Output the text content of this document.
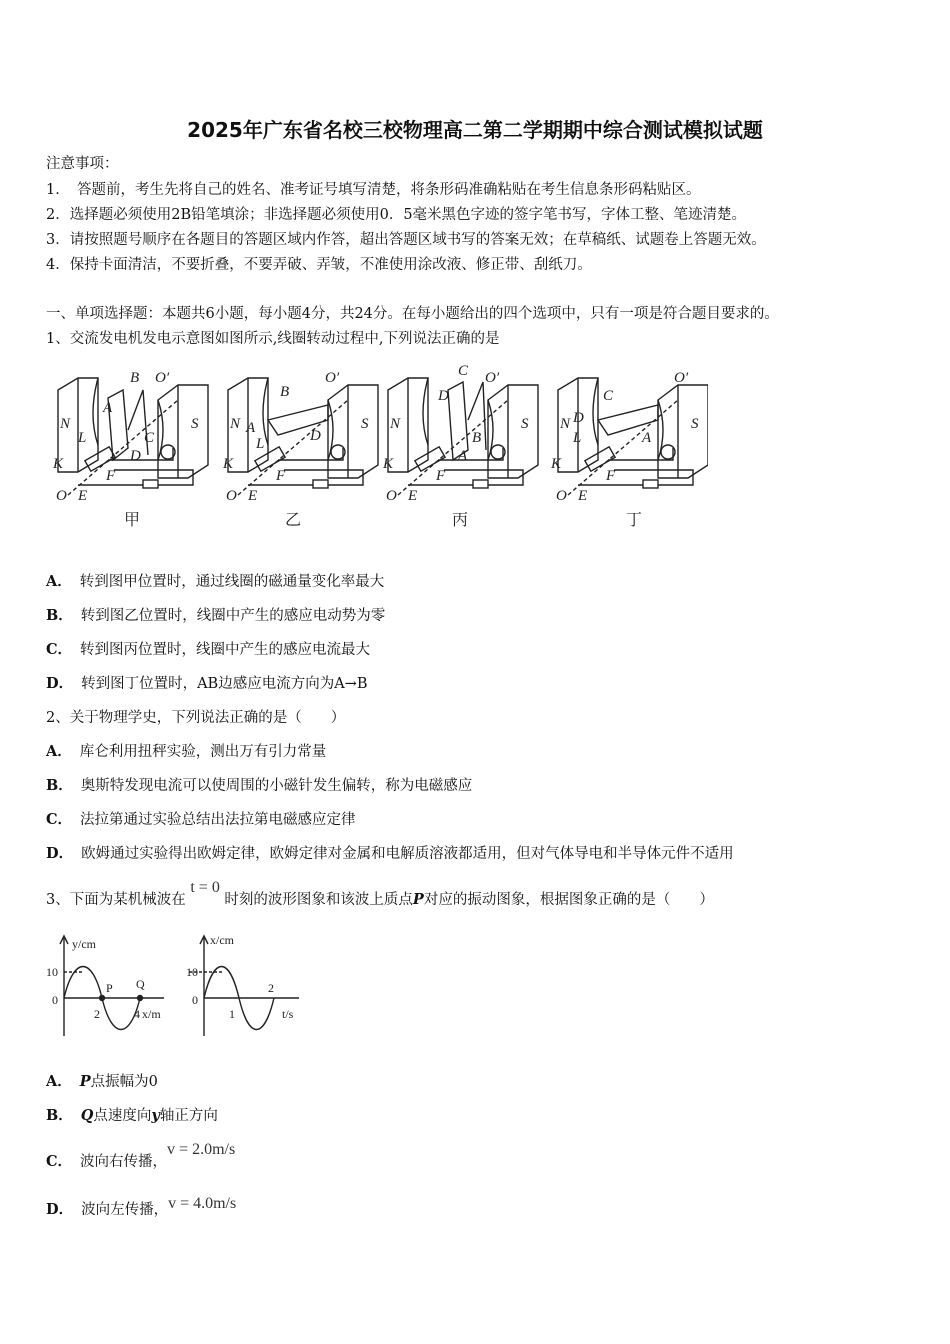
2025年广东省名校三校物理高二第二学期期中综合测试模拟试题
注意事项：
1．　答题前，考生先将自己的姓名、准考证号填写清楚，将条形码准确粘贴在考生信息条形码粘贴区。
2．选择题必须使用2B铅笔填涂；非选择题必须使用0．5毫米黑色字迹的签字笔书写，字体工整、笔迹清楚。
3．请按照题号顺序在各题目的答题区域内作答，超出答题区域书写的答案无效；在草稿纸、试题卷上答题无效。
4．保持卡面清洁，不要折叠，不要弄破、弄皱，不准使用涂改液、修正带、刮纸刀。
一、单项选择题：本题共6小题，每小题4分，共24分。在每小题给出的四个选项中，只有一项是符合题目要求的。
1、交流发电机发电示意图如图所示,线圈转动过程中,下列说法正确的是
N	S
L
A
B
C
D
K
O E
F
O′
N	S
A
B
D
L
K
O E
F
O′
N	S
D
C
B
A
K
O E
F
O′
N	S
D
L
C
A
K
O E
F
O′
甲	乙	丙	丁
A． 转到图甲位置时，通过线圈的磁通量变化率最大
B． 转到图乙位置时，线圈中产生的感应电动势为零
C． 转到图丙位置时，线圈中产生的感应电流最大
D． 转到图丁位置时，AB边感应电流方向为A→B
2、关于物理学史，下列说法正确的是（　　）
A． 库仑利用扭秤实验，测出万有引力常量
B． 奥斯特发现电流可以使周围的小磁针发生偏转，称为电磁感应
C． 法拉第通过实验总结出法拉第电磁感应定律
D． 欧姆通过实验得出欧姆定律，欧姆定律对金属和电解质溶液都适用，但对气体导电和半导体元件不适用
3、下面为某机械波在 t = 0 时刻的波形图象和该波上质点P对应的振动图象，根据图象正确的是（　　）
y/cm
10
0
2	4 x/m
P Q
x/cm
10
0
1
2
t/s
A． P点振幅为0
B． Q点速度向y轴正方向
C． 波向右传播，v = 2.0m/s
D． 波向左传播，v = 4.0m/s
